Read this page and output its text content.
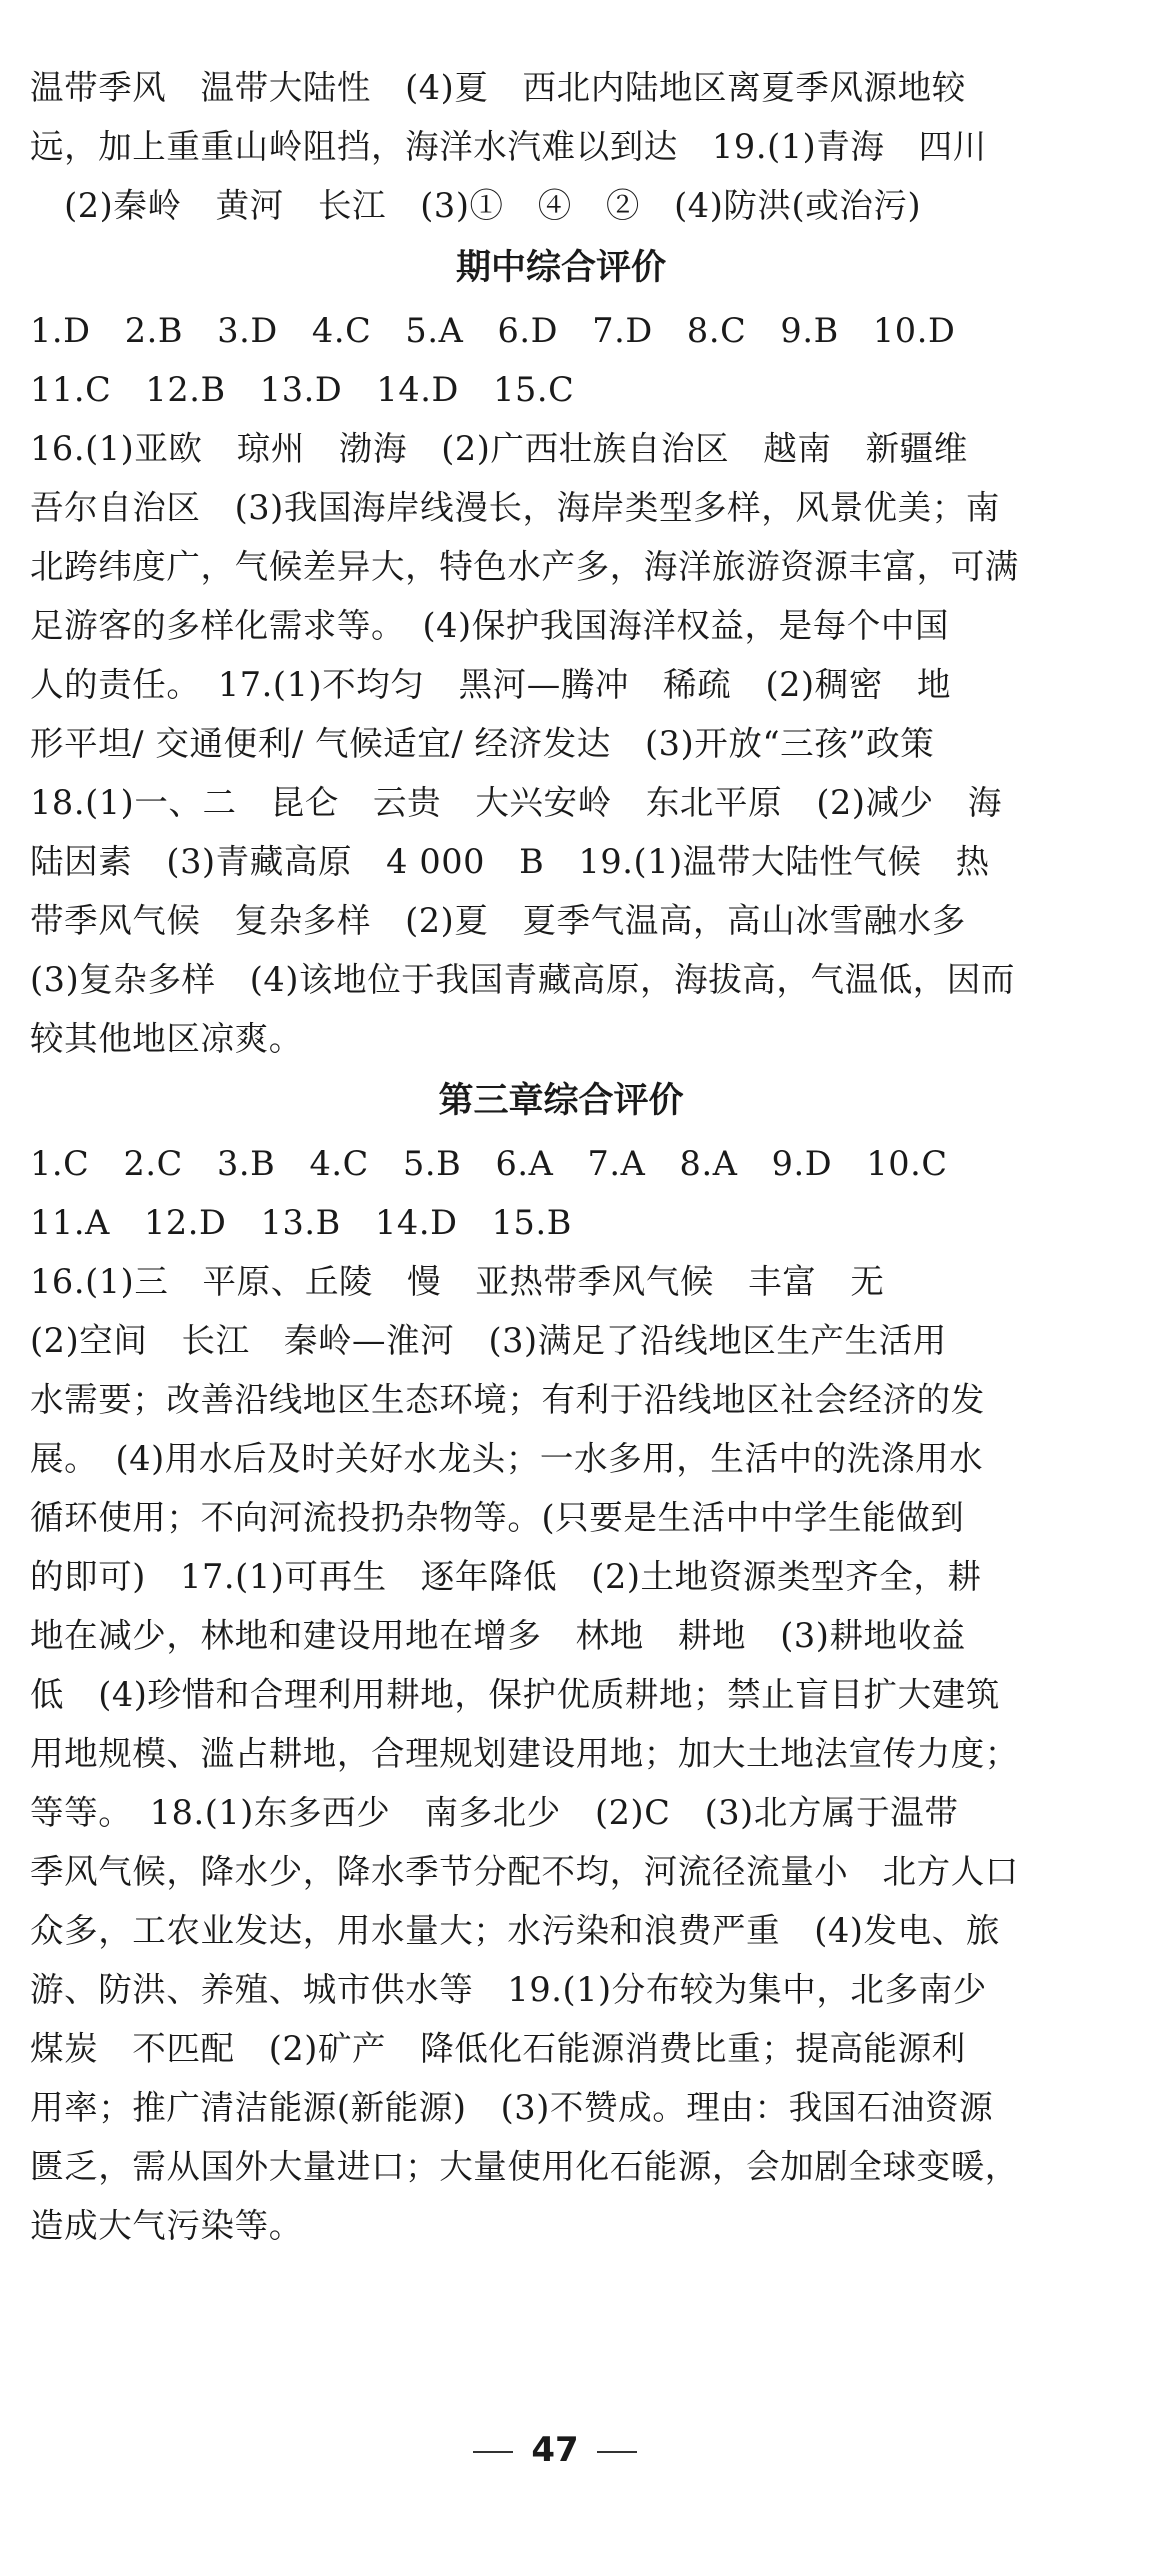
温带季风　温带大陆性　(4)夏　西北内陆地区离夏季风源地较

远，加上重重山岭阻挡，海洋水汽难以到达　19.(1)青海　四川

　(2)秦岭　黄河　长江　(3)①　④　②　(4)防洪(或治污)

期中综合评价

1.D　2.B　3.D　4.C　5.A　6.D　7.D　8.C　9.B　10.D

11.C　12.B　13.D　14.D　15.C

16.(1)亚欧　琼州　渤海　(2)广西壮族自治区　越南　新疆维

吾尔自治区　(3)我国海岸线漫长，海岸类型多样，风景优美；南

北跨纬度广，气候差异大，特色水产多，海洋旅游资源丰富，可满

足游客的多样化需求等。　(4)保护我国海洋权益，是每个中国

人的责任。　17.(1)不均匀　黑河—腾冲　稀疏　(2)稠密　地

形平坦/ 交通便利/ 气候适宜/ 经济发达　(3)开放“三孩”政策

18.(1)一、二　昆仑　云贵　大兴安岭　东北平原　(2)减少　海

陆因素　(3)青藏高原　4 000　B　19.(1)温带大陆性气候　热

带季风气候　复杂多样　(2)夏　夏季气温高，高山冰雪融水多

(3)复杂多样　(4)该地位于我国青藏高原，海拔高，气温低，因而

较其他地区凉爽。

第三章综合评价

1.C　2.C　3.B　4.C　5.B　6.A　7.A　8.A　9.D　10.C

11.A　12.D　13.B　14.D　15.B

16.(1)三　平原、丘陵　慢　亚热带季风气候　丰富　无

(2)空间　长江　秦岭—淮河　(3)满足了沿线地区生产生活用

水需要；改善沿线地区生态环境；有利于沿线地区社会经济的发

展。　(4)用水后及时关好水龙头；一水多用，生活中的洗涤用水

循环使用；不向河流投扔杂物等。(只要是生活中中学生能做到

的即可)　17.(1)可再生　逐年降低　(2)土地资源类型齐全，耕

地在减少，林地和建设用地在增多　林地　耕地　(3)耕地收益

低　(4)珍惜和合理利用耕地，保护优质耕地；禁止盲目扩大建筑

用地规模、滥占耕地，合理规划建设用地；加大土地法宣传力度；

等等。　18.(1)东多西少　南多北少　(2)C　(3)北方属于温带

季风气候，降水少，降水季节分配不均，河流径流量小　北方人口

众多，工农业发达，用水量大；水污染和浪费严重　(4)发电、旅

游、防洪、养殖、城市供水等　19.(1)分布较为集中，北多南少

煤炭　不匹配　(2)矿产　降低化石能源消费比重；提高能源利

用率；推广清洁能源(新能源)　(3)不赞成。理由：我国石油资源

匮乏，需从国外大量进口；大量使用化石能源，会加剧全球变暖，

造成大气污染等。

47
